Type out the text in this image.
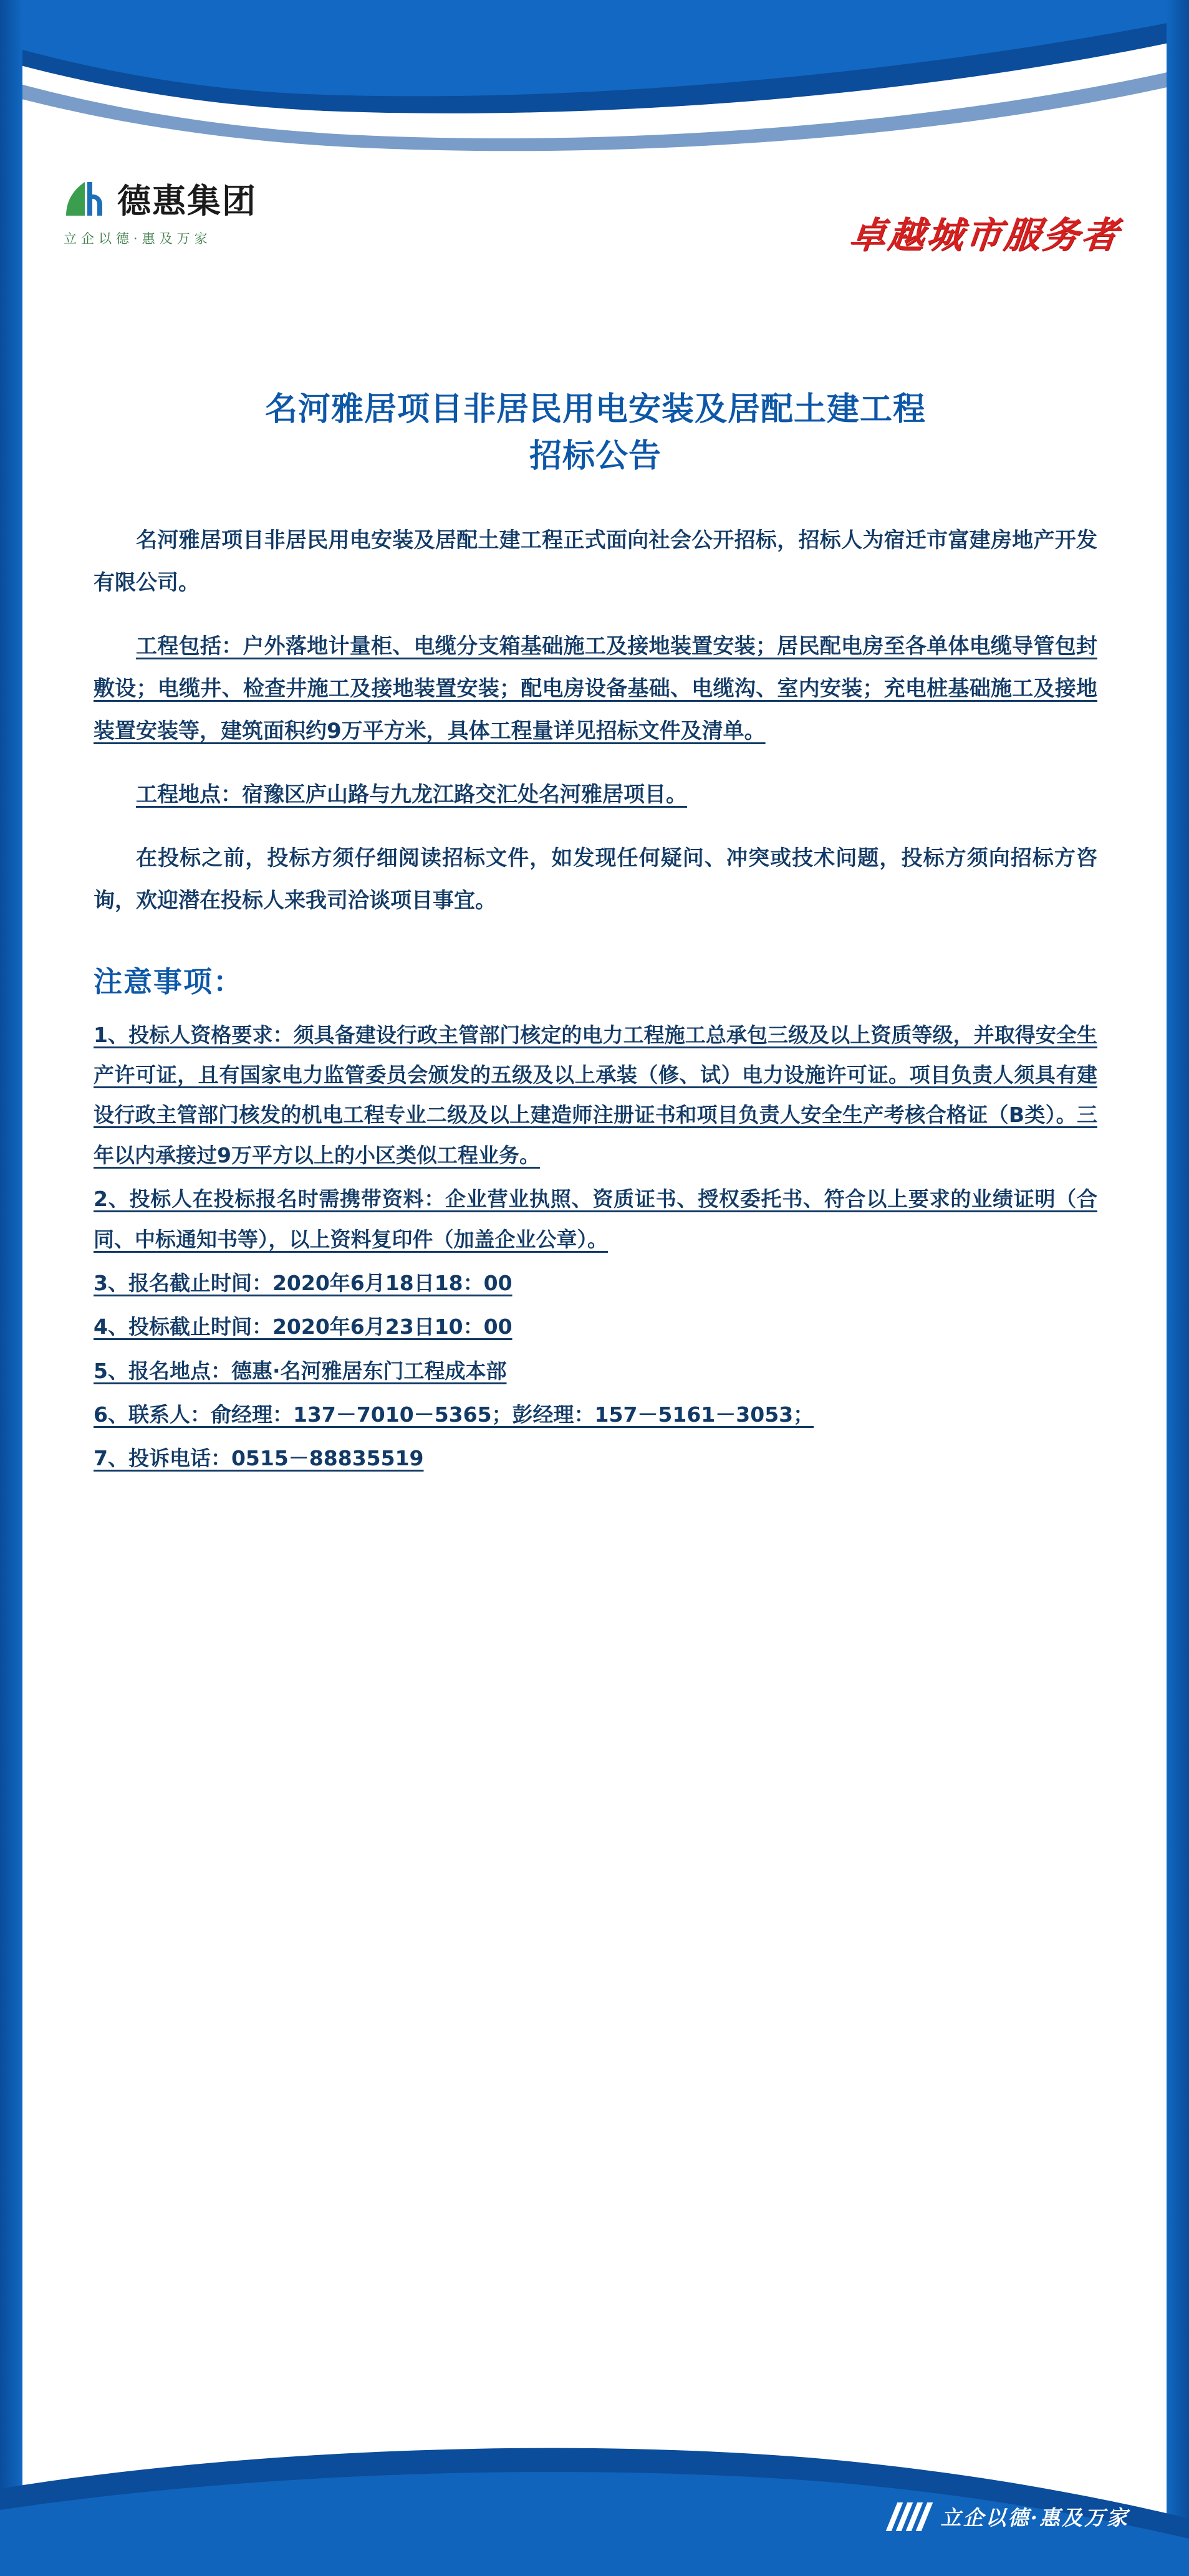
德惠集团
立企以德·惠及万家	卓越城市服务者
名河雅居项目非居民用电安装及居配土建工程
招标公告

名河雅居项目非居民用电安装及居配土建工程正式面向社会公开招标，招标人为宿迁市富建房地产开发有限公司。

工程包括：户外落地计量柜、电缆分支箱基础施工及接地装置安装；居民配电房至各单体电缆导管包封敷设；电缆井、检查井施工及接地装置安装；配电房设备基础、电缆沟、室内安装；充电桩基础施工及接地装置安装等，建筑面积约9万平方米，具体工程量详见招标文件及清单。

工程地点：宿豫区庐山路与九龙江路交汇处名河雅居项目。

在投标之前，投标方须仔细阅读招标文件，如发现任何疑问、冲突或技术问题，投标方须向招标方咨询，欢迎潜在投标人来我司洽谈项目事宜。

注意事项：
1、投标人资格要求：须具备建设行政主管部门核定的电力工程施工总承包三级及以上资质等级，并取得安全生产许可证，且有国家电力监管委员会颁发的五级及以上承装（修、试）电力设施许可证。项目负责人须具有建设行政主管部门核发的机电工程专业二级及以上建造师注册证书和项目负责人安全生产考核合格证（B类）。三年以内承接过9万平方以上的小区类似工程业务。
2、投标人在投标报名时需携带资料：企业营业执照、资质证书、授权委托书、符合以上要求的业绩证明（合同、中标通知书等），以上资料复印件（加盖企业公章）。
3、报名截止时间：2020年6月18日18：00
4、投标截止时间：2020年6月23日10：00
5、报名地点：德惠·名河雅居东门工程成本部
6、联系人：俞经理：137－7010－5365；彭经理：157－5161－3053；
7、投诉电话：0515－88835519
立企以德·惠及万家
